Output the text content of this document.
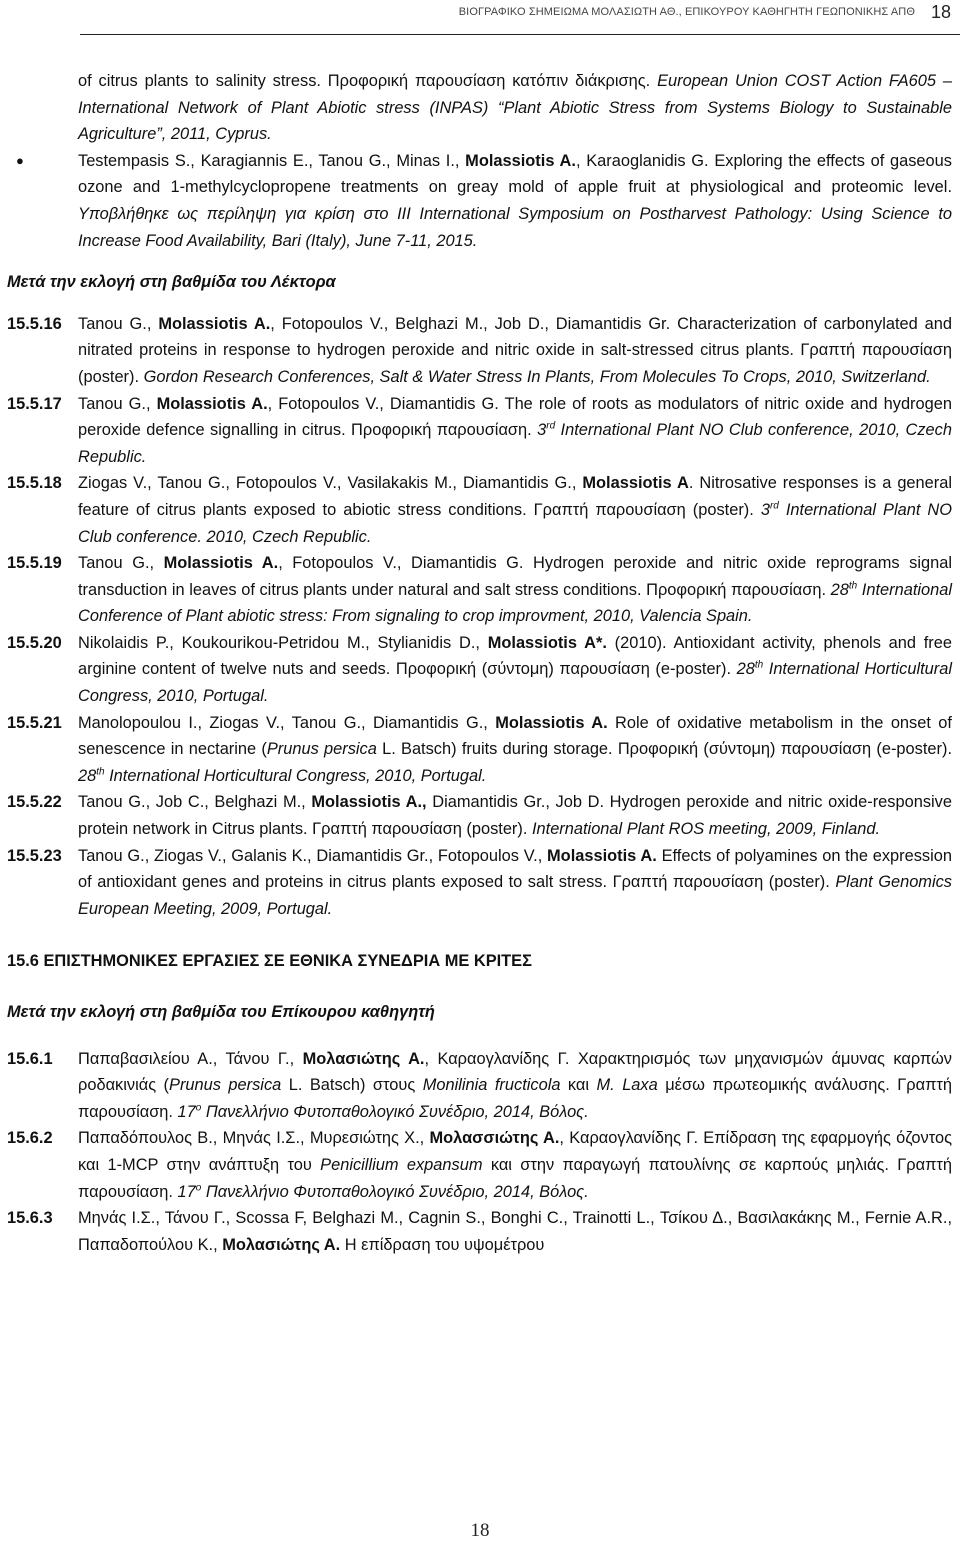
ΒΙΟΓΡΑΦΙΚΟ ΣΗΜΕΙΩΜΑ ΜΟΛΑΣΙΩΤΗ ΑΘ., ΕΠΙΚΟΥΡΟΥ ΚΑΘΗΓΗΤΗ ΓΕΩΠΟΝΙΚΗΣ ΑΠΘ 18

of citrus plants to salinity stress. Προφορική παρουσίαση κατόπιν διάκρισης. European Union COST Action FA605 – International Network of Plant Abiotic stress (INPAS) “Plant Abiotic Stress from Systems Biology to Sustainable Agriculture”, 2011, Cyprus.

●	Testempasis S., Karagiannis E., Tanou G., Minas I., Molassiotis A., Karaoglanidis G. Exploring the effects of gaseous ozone and 1-methylcyclopropene treatments on greay mold of apple fruit at physiological and proteomic level. Υποβλήθηκε ως περίληψη για κρίση στο III International Symposium on Postharvest Pathology: Using Science to Increase Food Availability, Bari (Italy), June 7-11, 2015.

Μετά την εκλογή στη βαθμίδα του Λέκτορα

15.5.16 Tanou G., Molassiotis A., Fotopoulos V., Belghazi M., Job D., Diamantidis Gr. Characterization of carbonylated and nitrated proteins in response to hydrogen peroxide and nitric oxide in salt-stressed citrus plants. Γραπτή παρουσίαση (poster). Gordon Research Conferences, Salt & Water Stress In Plants, From Molecules To Crops, 2010, Switzerland.

15.5.17 Tanou G., Molassiotis A., Fotopoulos V., Diamantidis G. The role of roots as modulators of nitric oxide and hydrogen peroxide defence signalling in citrus. Προφορική παρουσίαση. 3rd International Plant NO Club conference, 2010, Czech Republic.

15.5.18 Ziogas V., Tanou G., Fotopoulos V., Vasilakakis M., Diamantidis G., Molassiotis A. Nitrosative responses is a general feature of citrus plants exposed to abiotic stress conditions. Γραπτή παρουσίαση (poster). 3rd International Plant NO Club conference. 2010, Czech Republic.

15.5.19 Tanou G., Molassiotis A., Fotopoulos V., Diamantidis G. Hydrogen peroxide and nitric oxide reprograms signal transduction in leaves of citrus plants under natural and salt stress conditions. Προφορική παρουσίαση. 28th International Conference of Plant abiotic stress: From signaling to crop improvment, 2010, Valencia Spain.

15.5.20 Nikolaidis P., Koukourikou-Petridou M., Stylianidis D., Molassiotis A*. (2010). Antioxidant activity, phenols and free arginine content of twelve nuts and seeds. Προφορική (σύντομη) παρουσίαση (e-poster). 28th International Horticultural Congress, 2010, Portugal.

15.5.21 Manolopoulou I., Ziogas V., Tanou G., Diamantidis G., Molassiotis A. Role of oxidative metabolism in the onset of senescence in nectarine (Prunus persica L. Batsch) fruits during storage. Προφορική (σύντομη) παρουσίαση (e-poster). 28th International Horticultural Congress, 2010, Portugal.

15.5.22 Tanou G., Job C., Belghazi M., Molassiotis A., Diamantidis Gr., Job D. Hydrogen peroxide and nitric oxide-responsive protein network in Citrus plants. Γραπτή παρουσίαση (poster). International Plant ROS meeting, 2009, Finland.

15.5.23 Tanou G., Ziogas V., Galanis K., Diamantidis Gr., Fotopoulos V., Molassiotis A. Effects of polyamines on the expression of antioxidant genes and proteins in citrus plants exposed to salt stress. Γραπτή παρουσίαση (poster). Plant Genomics European Meeting, 2009, Portugal.

15.6 ΕΠΙΣΤΗΜΟΝΙΚΕΣ ΕΡΓΑΣΙΕΣ ΣΕ ΕΘΝΙΚΑ ΣΥΝΕΔΡΙΑ ΜΕ ΚΡΙΤΕΣ
Μετά την εκλογή στη βαθμίδα του Επίκουρου καθηγητή

15.6.1 Παπαβασιλείου Α., Τάνου Γ., Μολασιώτης Α., Καραογλανίδης Γ. Χαρακτηρισμός των μηχανισμών άμυνας καρπών ροδακινιάς (Prunus persica L. Batsch) στους Monilinia fructicola και M. Laxa μέσω πρωτεομικής ανάλυσης. Γραπτή παρουσίαση. $17^o$ Πανελλήνιο Φυτοπαθολογικό Συνέδριο, 2014, Βόλος.

15.6.2 Παπαδόπουλος Β., Μηνάς Ι.Σ., Μυρεσιώτης Χ., Μολασσιώτης Α., Καραογλανίδης Γ. Επίδραση της εφαρμογής όζοντος και 1-MCP στην ανάπτυξη του Penicillium expansum και στην παραγωγή πατουλίνης σε καρπούς μηλιάς. Γραπτή παρουσίαση. $17^o$ Πανελλήνιο Φυτοπαθολογικό Συνέδριο, 2014, Βόλος.

15.6.3 Μηνάς Ι.Σ., Τάνου Γ., Scossa F, Belghazi M., Cagnin S., Bonghi C., Trainotti L., Τσίκου Δ., Βασιλακάκης Μ., Fernie A.R., Παπαδοπούλου Κ., Μολασιώτης Α. Η επίδραση του υψομέτρου

18
